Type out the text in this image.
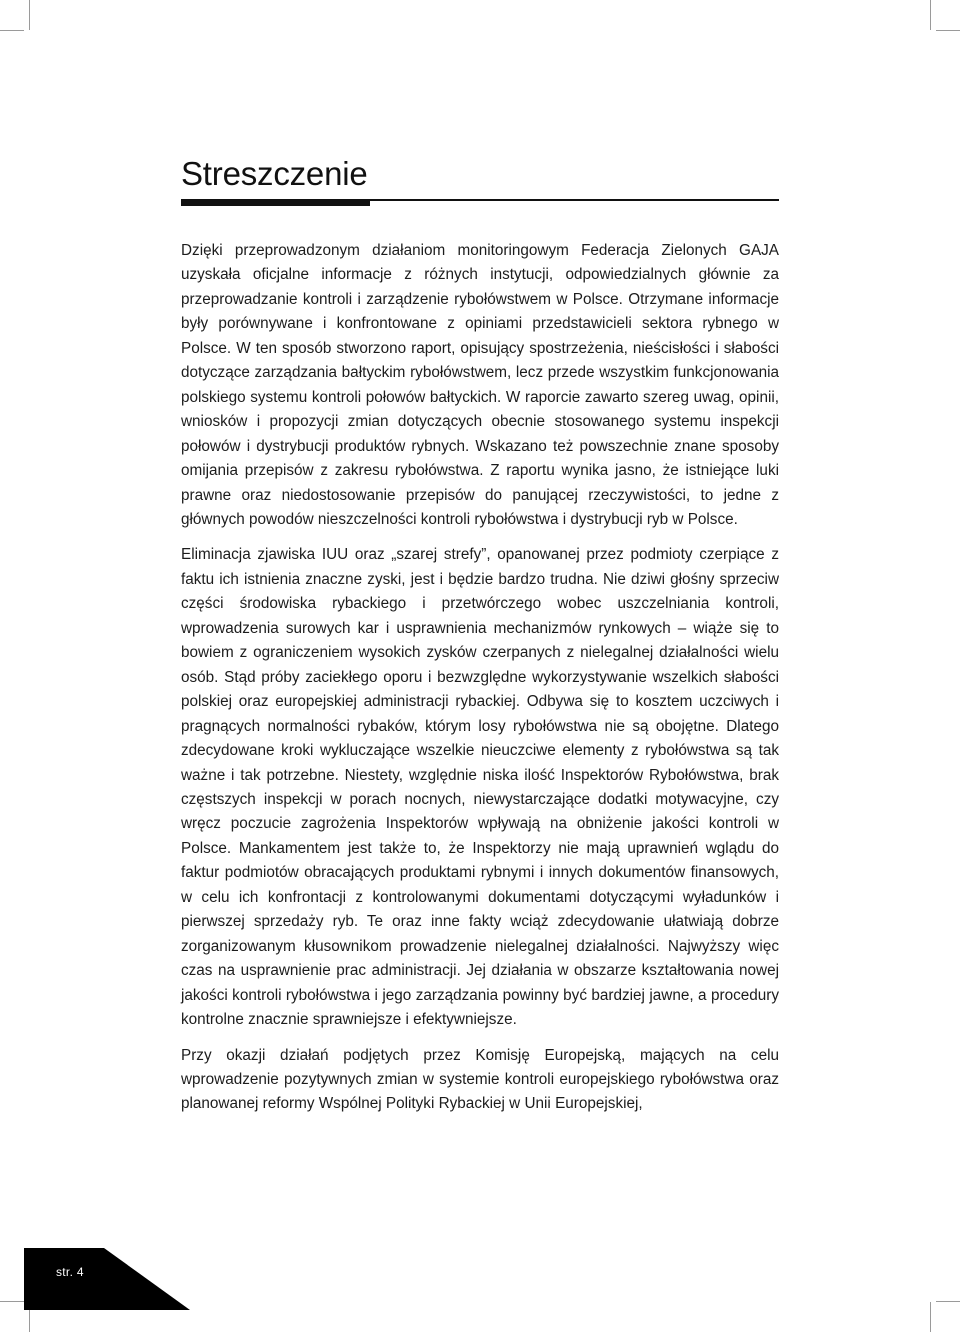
Streszczenie

Dzięki przeprowadzonym działaniom monitoringowym Federacja Zielonych GAJA uzyskała oficjalne informacje z różnych instytucji, odpowiedzialnych głównie za przeprowadzanie kontroli i zarządzenie rybołówstwem w Polsce. Otrzymane informacje były porównywane i konfrontowane z opiniami przedstawicieli sektora rybnego w Polsce. W ten sposób stworzono raport, opisujący spostrzeżenia, nieścisłości i słabości dotyczące zarządzania bałtyckim rybołówstwem, lecz przede wszystkim funkcjonowania polskiego systemu kontroli połowów bałtyckich. W raporcie zawarto szereg uwag, opinii, wniosków i propozycji zmian dotyczących obecnie stosowanego systemu inspekcji połowów i dystrybucji produktów rybnych. Wskazano też powszechnie znane sposoby omijania przepisów z zakresu rybołówstwa. Z raportu wynika jasno, że istniejące luki prawne oraz niedostosowanie przepisów do panującej rzeczywistości, to jedne z głównych powodów nieszczelności kontroli rybołówstwa i dystrybucji ryb w Polsce.

Eliminacja zjawiska IUU oraz „szarej strefy”, opanowanej przez podmioty czerpiące z faktu ich istnienia znaczne zyski, jest i będzie bardzo trudna. Nie dziwi głośny sprzeciw części środowiska rybackiego i przetwórczego wobec uszczelniania kontroli, wprowadzenia surowych kar i usprawnienia mechanizmów rynkowych – wiąże się to bowiem z ograniczeniem wysokich zysków czerpanych z nielegalnej działalności wielu osób. Stąd próby zaciekłego oporu i bezwzględne wykorzystywanie wszelkich słabości polskiej oraz europejskiej administracji rybackiej. Odbywa się to kosztem uczciwych i pragnących normalności rybaków, którym losy rybołówstwa nie są obojętne. Dlatego zdecydowane kroki wykluczające wszelkie nieuczciwe elementy z rybołówstwa są tak ważne i tak potrzebne. Niestety, względnie niska ilość Inspektorów Rybołówstwa, brak częstszych inspekcji w porach nocnych, niewystarczające dodatki motywacyjne, czy wręcz poczucie zagrożenia Inspektorów wpływają na obniżenie jakości kontroli w Polsce. Mankamentem jest także to, że Inspektorzy nie mają uprawnień wglądu do faktur podmiotów obracających produktami rybnymi i innych dokumentów finansowych, w celu ich konfrontacji z kontrolowanymi dokumentami dotyczącymi wyładunków i pierwszej sprzedaży ryb. Te oraz inne fakty wciąż zdecydowanie ułatwiają dobrze zorganizowanym kłusownikom prowadzenie nielegalnej działalności. Najwyższy więc czas na usprawnienie prac administracji. Jej działania w obszarze kształtowania nowej jakości kontroli rybołówstwa i jego zarządzania powinny być bardziej jawne, a procedury kontrolne znacznie sprawniejsze i efektywniejsze.

Przy okazji działań podjętych przez Komisję Europejską, mających na celu wprowadzenie pozytywnych zmian w systemie kontroli europejskiego rybołówstwa oraz planowanej reformy Wspólnej Polityki Rybackiej w Unii Europejskiej,

str. 4
